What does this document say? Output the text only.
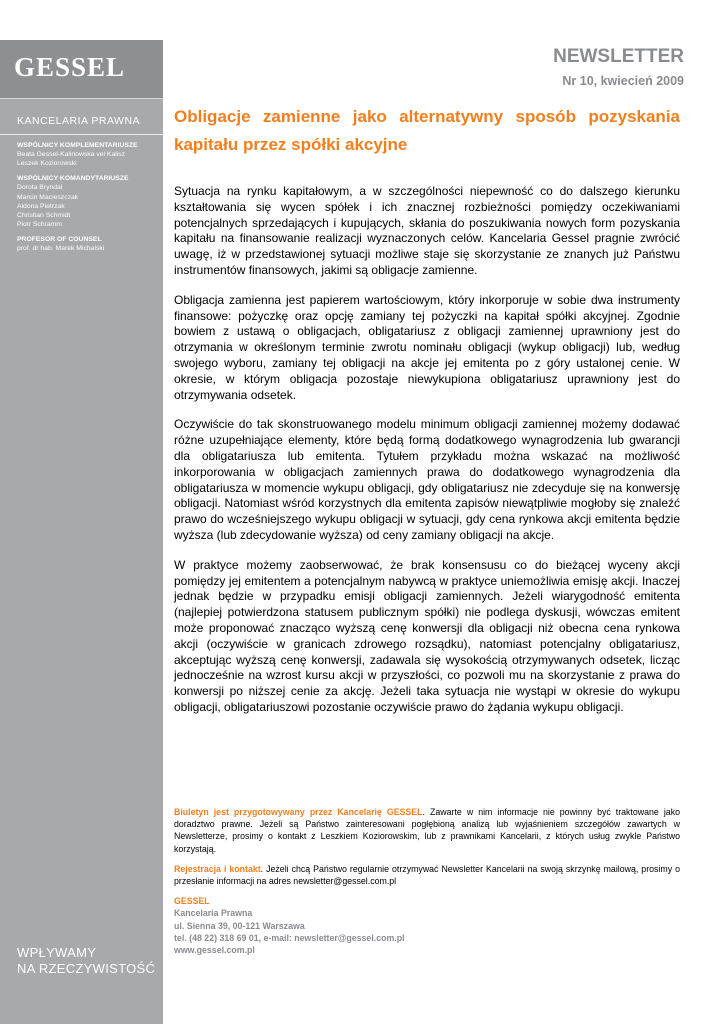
GESSEL
KANCELARIA PRAWNA
WSPÓLNICY KOMPLEMENTARIUSZE
Beata Gessel-Kalinowska vel Kalisz
Leszek Koziorowski
WSPÓLNICY KOMANDYTARIUSZE
Dorota Bryndal
Marcin Macieszczak
Aldona Pietrzak
Christian Schmidt
Piotr Schramm
PROFESOR OF COUNSEL
prof. dr hab. Marek Michalski
WPŁYWAMY
NA RZECZYWISTOŚĆ
NEWSLETTER
Nr 10, kwiecień 2009
Obligacje zamienne jako alternatywny sposób pozyskania kapitału przez spółki akcyjne

Sytuacja na rynku kapitałowym, a w szczególności niepewność co do dalszego kierunku kształtowania się wycen spółek i ich znacznej rozbieżności pomiędzy oczekiwaniami potencjalnych sprzedających i kupujących, skłania do poszukiwania nowych form pozyskania kapitału na finansowanie realizacji wyznaczonych celów. Kancelaria Gessel pragnie zwrócić uwagę, iż w przedstawionej sytuacji możliwe staje się skorzystanie ze znanych już Państwu instrumentów finansowych, jakimi są obligacje zamienne.

Obligacja zamienna jest papierem wartościowym, który inkorporuje w sobie dwa instrumenty finansowe: pożyczkę oraz opcję zamiany tej pożyczki na kapitał spółki akcyjnej. Zgodnie bowiem z ustawą o obligacjach, obligatariusz z obligacji zamiennej uprawniony jest do otrzymania w określonym terminie zwrotu nominału obligacji (wykup obligacji) lub, według swojego wyboru, zamiany tej obligacji na akcje jej emitenta po z góry ustalonej cenie. W okresie, w którym obligacja pozostaje niewykupiona obligatariusz uprawniony jest do otrzymywania odsetek.

Oczywiście do tak skonstruowanego modelu minimum obligacji zamiennej możemy dodawać różne uzupełniające elementy, które będą formą dodatkowego wynagrodzenia lub gwarancji dla obligatariusza lub emitenta. Tytułem przykładu można wskazać na możliwość inkorporowania w obligacjach zamiennych prawa do dodatkowego wynagrodzenia dla obligatariusza w momencie wykupu obligacji, gdy obligatariusz nie zdecyduje się na konwersję obligacji. Natomiast wśród korzystnych dla emitenta zapisów niewątpliwie mogłoby się znaleźć prawo do wcześniejszego wykupu obligacji w sytuacji, gdy cena rynkowa akcji emitenta będzie wyższa (lub zdecydowanie wyższa) od ceny zamiany obligacji na akcje.

W praktyce możemy zaobserwować, że brak konsensusu co do bieżącej wyceny akcji pomiędzy jej emitentem a potencjalnym nabywcą w praktyce uniemożliwia emisję akcji. Inaczej jednak będzie w przypadku emisji obligacji zamiennych. Jeżeli wiarygodność emitenta (najlepiej potwierdzona statusem publicznym spółki) nie podlega dyskusji, wówczas emitent może proponować znacząco wyższą cenę konwersji dla obligacji niż obecna cena rynkowa akcji (oczywiście w granicach zdrowego rozsądku), natomiast potencjalny obligatariusz, akceptując wyższą cenę konwersji, zadawala się wysokością otrzymywanych odsetek, licząc jednocześnie na wzrost kursu akcji w przyszłości, co pozwoli mu na skorzystanie z prawa do konwersji po niższej cenie za akcję. Jeżeli taka sytuacja nie wystąpi w okresie do wykupu obligacji, obligatariuszowi pozostanie oczywiście prawo do żądania wykupu obligacji.

Biuletyn jest przygotowywany przez Kancelarię GESSEL. Zawarte w nim informacje nie powinny być traktowane jako doradztwo prawne. Jeżeli są Państwo zainteresowani pogłębioną analizą lub wyjaśnieniem szczegółów zawartych w Newsletterze, prosimy o kontakt z Leszkiem Koziorowskim, lub z prawnikami Kancelarii, z których usług zwykle Państwo korzystają.

Rejestracja i kontakt. Jeżeli chcą Państwo regularnie otrzymywać Newsletter Kancelarii na swoją skrzynkę mailową, prosimy o przesłanie informacji na adres newsletter@gessel.com.pl

GESSEL
Kancelaria Prawna
ul. Sienna 39, 00-121 Warszawa
tel. (48 22) 318 69 01, e-mail: newsletter@gessel.com.pl
www.gessel.com.pl
